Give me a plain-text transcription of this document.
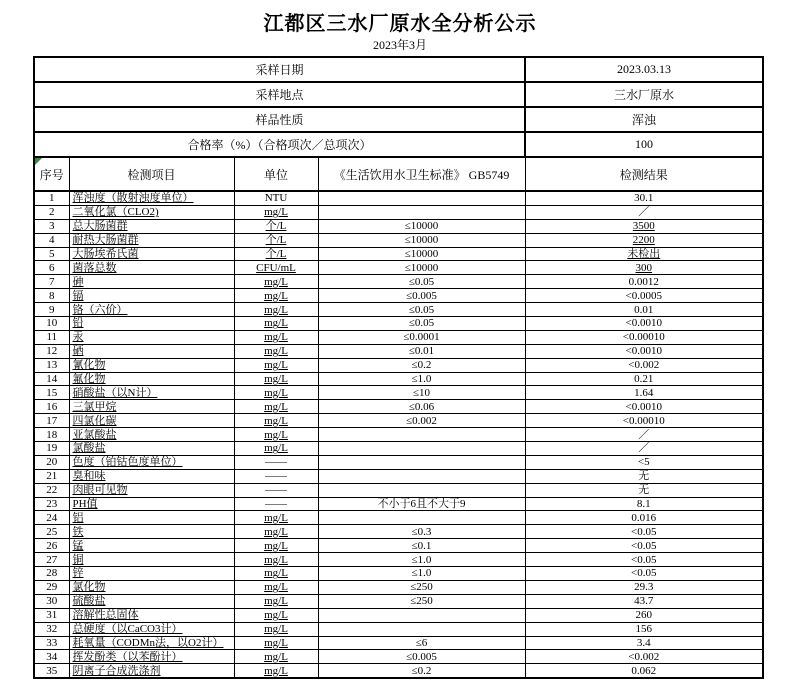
江都区三水厂原水全分析公示
2023年3月
采样日期				2023.03.13
采样地点				三水厂原水
样品性质				浑浊
合格率（%）（合格项次／总项次）				100

序号	检测项目	单位	《生活饮用水卫生标准》 GB5749	检测结果
1	浑浊度（散射浊度单位）	NTU		30.1
2	二氧化氯（CLO2)	mg/L		／
3	总大肠菌群	个/L	≤10000	3500
4	耐热大肠菌群	个/L	≤10000	2200
5	大肠埃希氏菌	个/L	≤10000	未检出
6	菌落总数	CFU/mL	≤10000	300
7	砷	mg/L	≤0.05	0.0012
8	镉	mg/L	≤0.005	<0.0005
9	铬（六价）	mg/L	≤0.05	0.01
10	铅	mg/L	≤0.05	<0.0010
11	汞	mg/L	≤0.0001	<0.00010
12	硒	mg/L	≤0.01	<0.0010
13	氰化物	mg/L	≤0.2	<0.002
14	氟化物	mg/L	≤1.0	0.21
15	硝酸盐（以N计）	mg/L	≤10	1.64
16	三氯甲烷	mg/L	≤0.06	<0.0010
17	四氯化碳	mg/L	≤0.002	<0.00010
18	亚氯酸盐	mg/L		／
19	氯酸盐	mg/L		／
20	色度（铂钴色度单位）	——		<5
21	臭和味	——		无
22	肉眼可见物	——		无
23	PH值	——	不小于6且不大于9	8.1
24	铝	mg/L		0.016
25	铁	mg/L	≤0.3	<0.05
26	锰	mg/L	≤0.1	<0.05
27	铜	mg/L	≤1.0	<0.05
28	锌	mg/L	≤1.0	<0.05
29	氯化物	mg/L	≤250	29.3
30	硫酸盐	mg/L	≤250	43.7
31	溶解性总固体	mg/L		260
32	总硬度（以CaCO3计）	mg/L		156
33	耗氧量（CODMn法，以O2计）	mg/L	≤6	3.4
34	挥发酚类（以苯酚计）	mg/L	≤0.005	<0.002
35	阴离子合成洗涤剂	mg/L	≤0.2	0.062
